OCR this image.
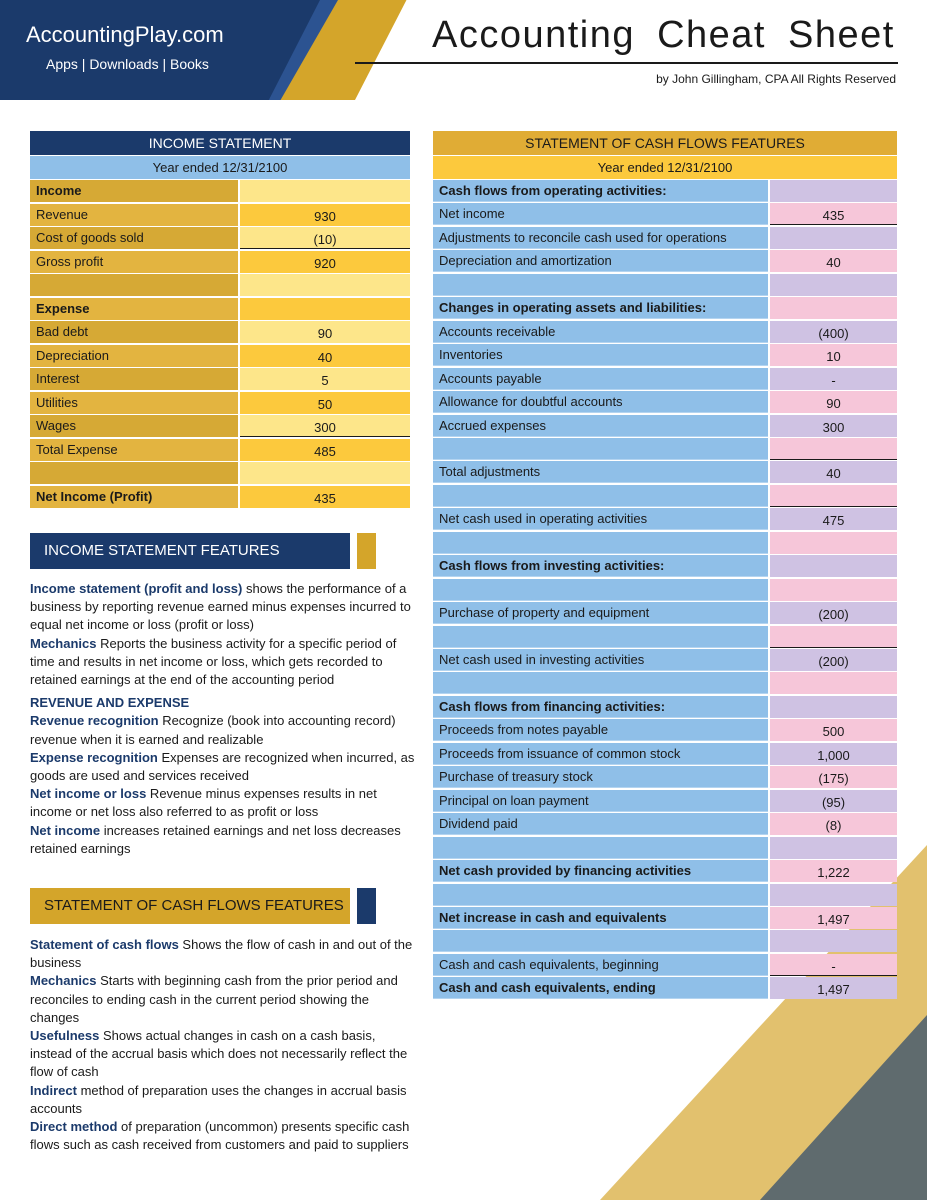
AccountingPlay.com
Apps | Downloads | Books
Accounting Cheat Sheet
by John Gillingham, CPA All Rights Reserved
INCOME STATEMENT
Year ended 12/31/2100
Income
Revenue	930
Cost of goods sold	(10)
Gross profit	920
Expense
Bad debt	90
Depreciation	40
Interest	5
Utilities	50
Wages	300
Total Expense	485
Net Income (Profit)	435
INCOME STATEMENT FEATURES
Income statement (profit and loss) shows the performance of a business by reporting revenue earned minus expenses incurred to equal net income or loss (profit or loss)
Mechanics Reports the business activity for a specific period of time and results in net income or loss, which gets recorded to retained earnings at the end of the accounting period
REVENUE AND EXPENSE
Revenue recognition Recognize (book into accounting record) revenue when it is earned and realizable
Expense recognition Expenses are recognized when incurred, as goods are used and services received
Net income or loss Revenue minus expenses results in net income or net loss also referred to as profit or loss
Net income increases retained earnings and net loss decreases retained earnings
STATEMENT OF CASH FLOWS FEATURES
Statement of cash flows Shows the flow of cash in and out of the business
Mechanics Starts with beginning cash from the prior period and reconciles to ending cash in the current period showing the changes
Usefulness Shows actual changes in cash on a cash basis, instead of the accrual basis which does not necessarily reflect the flow of cash
Indirect method of preparation uses the changes in accrual basis accounts
Direct method of preparation (uncommon) presents specific cash flows such as cash received from customers and paid to suppliers
STATEMENT OF CASH FLOWS FEATURES
Year ended 12/31/2100
Cash flows from operating activities:
Net income	435
Adjustments to reconcile cash used for operations
Depreciation and amortization	40
Changes in operating assets and liabilities:
Accounts receivable	(400)
Inventories	10
Accounts payable	-
Allowance for doubtful accounts	90
Accrued expenses	300
Total adjustments	40
Net cash used in operating activities	475
Cash flows from investing activities:
Purchase of property and equipment	(200)
Net cash used in investing activities	(200)
Cash flows from financing activities:
Proceeds from notes payable	500
Proceeds from issuance of common stock	1,000
Purchase of treasury stock	(175)
Principal on loan payment	(95)
Dividend paid	(8)
Net cash provided by financing activities	1,222
Net increase in cash and equivalents	1,497
Cash and cash equivalents, beginning	-
Cash and cash equivalents, ending	1,497
